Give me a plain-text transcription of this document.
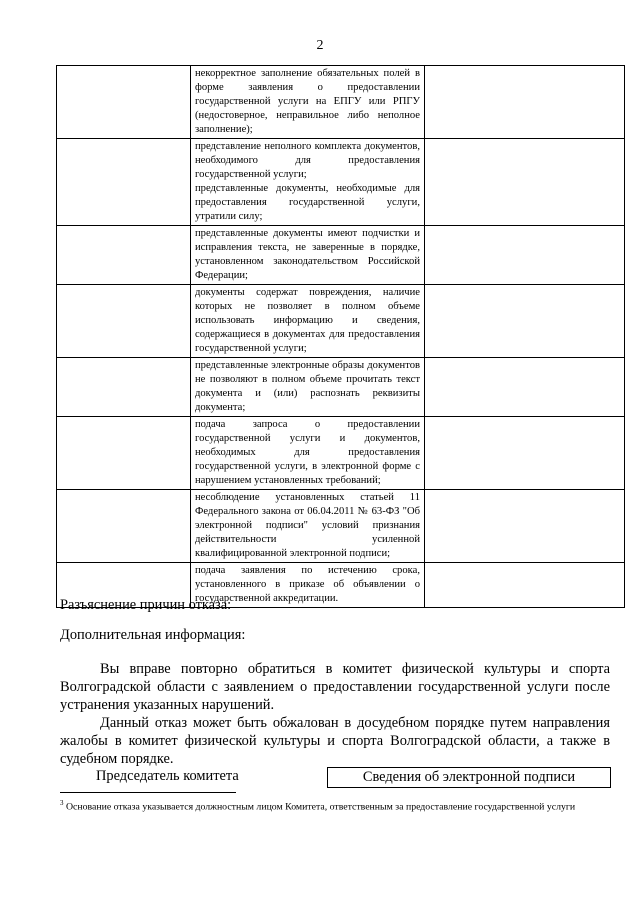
2

	некорректное заполнение обязательных полей в форме заявления о предоставлении государственной услуги на ЕПГУ или РПГУ (недостоверное, неправильное либо неполное заполнение);	

	представление неполного комплекта документов, необходимого для предоставления государственной услуги;
представленные документы, необходимые для предоставления государственной услуги, утратили силу;	

	представленные документы имеют подчистки и исправления текста, не заверенные в порядке, установленном законодательством Российской Федерации;	

	документы содержат повреждения, наличие которых не позволяет в полном объеме использовать информацию и сведения, содержащиеся в документах для предоставления государственной услуги;	

	представленные электронные образы документов не позволяют в полном объеме прочитать текст документа и (или) распознать реквизиты документа;	

	подача запроса о предоставлении государственной услуги и документов, необходимых для предоставления государственной услуги, в электронной форме с нарушением установленных требований;	

	несоблюдение установленных статьей 11 Федерального закона от 06.04.2011 № 63-ФЗ "Об электронной подписи" условий признания действительности усиленной квалифицированной электронной подписи;	

	подача заявления по истечению срока, установленного в приказе об объявлении о государственной аккредитации.	

Разъяснение причин отказа:
Дополнительная информация:
Вы вправе повторно обратиться в комитет физической культуры и спорта Волгоградской области с заявлением о предоставлении государственной услуги после устранения указанных нарушений.
Данный отказ может быть обжалован в досудебном порядке путем направления жалобы в комитет физической культуры и спорта Волгоградской области, а также в судебном порядке.
Председатель комитета	Сведения об электронной подписи
$^3$ Основание отказа указывается должностным лицом Комитета, ответственным за предоставление государственной услуги
